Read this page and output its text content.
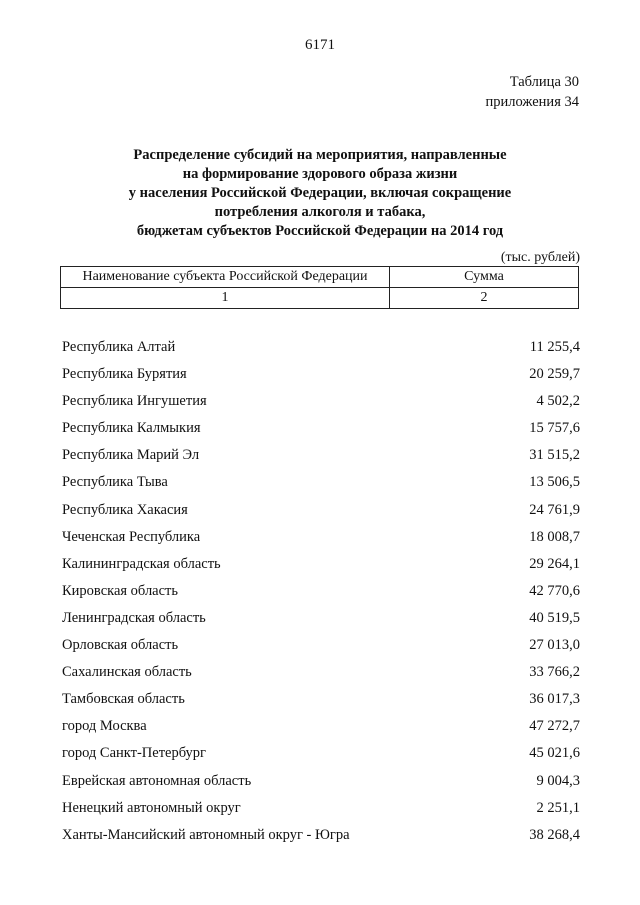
6171
Таблица 30
приложения 34
Распределение субсидий на мероприятия, направленные
на формирование здорового образа жизни
у населения Российской Федерации, включая сокращение
потребления алкоголя и табака,
бюджетам субъектов Российской Федерации на 2014 год
(тыс. рублей)
Наименование субъекта Российской Федерации	Сумма
1	2
Республика Алтай	11 255,4
Республика Бурятия	20 259,7
Республика Ингушетия	4 502,2
Республика Калмыкия	15 757,6
Республика Марий Эл	31 515,2
Республика Тыва	13 506,5
Республика Хакасия	24 761,9
Чеченская Республика	18 008,7
Калининградская область	29 264,1
Кировская область	42 770,6
Ленинградская область	40 519,5
Орловская область	27 013,0
Сахалинская область	33 766,2
Тамбовская область	36 017,3
город Москва	47 272,7
город Санкт-Петербург	45 021,6
Еврейская автономная область	9 004,3
Ненецкий автономный округ	2 251,1
Ханты-Мансийский автономный округ - Югра	38 268,4
